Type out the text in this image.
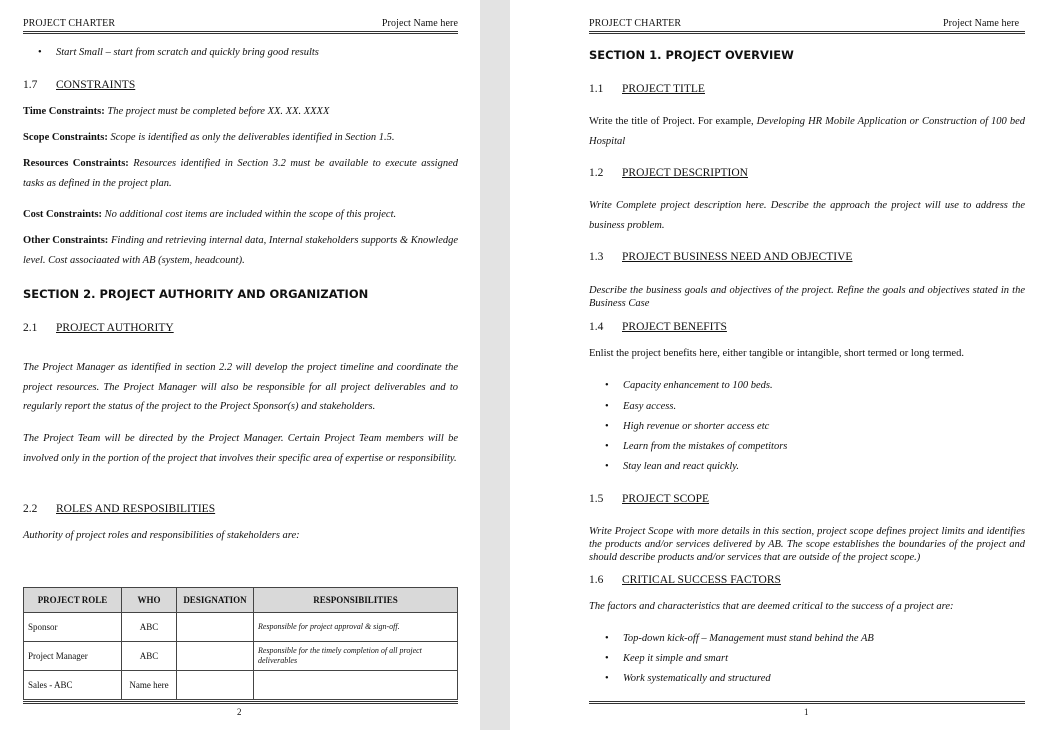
PROJECT CHARTER	Project Name here
• Start Small – start from scratch and quickly bring good results
1.7 CONSTRAINTS
Time Constraints: The project must be completed before XX. XX. XXXX
Scope Constraints: Scope is identified as only the deliverables identified in Section 1.5.
Resources Constraints: Resources identified in Section 3.2 must be available to execute assigned tasks as defined in the project plan.
Cost Constraints: No additional cost items are included within the scope of this project.
Other Constraints: Finding and retrieving internal data, Internal stakeholders supports & Knowledge level. Cost associaated with AB (system, headcount).
SECTION 2. PROJECT AUTHORITY AND ORGANIZATION
2.1 PROJECT AUTHORITY
The Project Manager as identified in section 2.2 will develop the project timeline and coordinate the project resources. The Project Manager will also be responsible for all project deliverables and to regularly report the status of the project to the Project Sponsor(s) and stakeholders.
The Project Team will be directed by the Project Manager. Certain Project Team members will be involved only in the portion of the project that involves their specific area of expertise or responsibility.
2.2 ROLES AND RESPOSIBILITIES
Authority of project roles and responsibilities of stakeholders are:
PROJECT ROLE	WHO	DESIGNATION	RESPONSIBILITIES
Sponsor	ABC		Responsible for project approval & sign-off.
Project Manager	ABC		Responsible for the timely completion of all project deliverables
Sales - ABC	Name here		
2
PROJECT CHARTER	Project Name here
SECTION 1. PROJECT OVERVIEW
1.1 PROJECT TITLE
Write the title of Project. For example, Developing HR Mobile Application or Construction of 100 bed Hospital
1.2 PROJECT DESCRIPTION
Write Complete project description here. Describe the approach the project will use to address the business problem.
1.3 PROJECT BUSINESS NEED AND OBJECTIVE
Describe the business goals and objectives of the project. Refine the goals and objectives stated in the Business Case
1.4 PROJECT BENEFITS
Enlist the project benefits here, either tangible or intangible, short termed or long termed.
• Capacity enhancement to 100 beds.
• Easy access.
• High revenue or shorter access etc
• Learn from the mistakes of competitors
• Stay lean and react quickly.
1.5 PROJECT SCOPE
Write Project Scope with more details in this section, project scope defines project limits and identifies the products and/or services delivered by AB. The scope establishes the boundaries of the project and should describe products and/or services that are outside of the project scope.)
1.6 CRITICAL SUCCESS FACTORS
The factors and characteristics that are deemed critical to the success of a project are:
• Top-down kick-off – Management must stand behind the AB
• Keep it simple and smart
• Work systematically and structured
1
